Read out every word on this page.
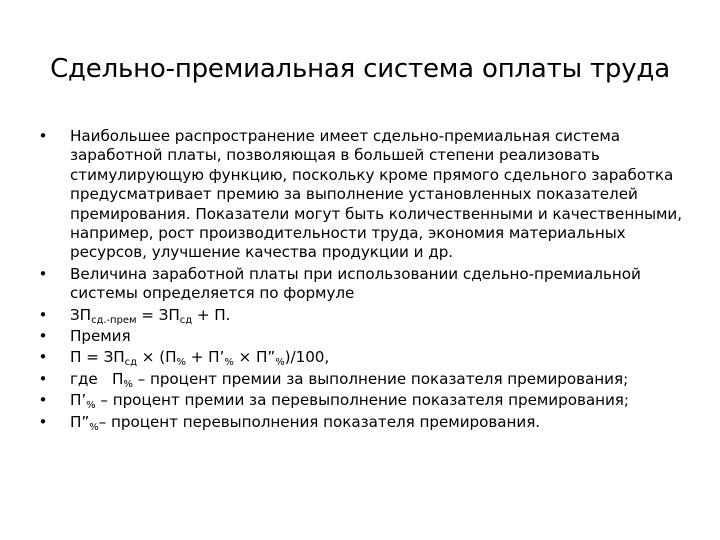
Сдельно-премиальная система оплаты труда
• Наибольшее распространение имеет сдельно-премиальная система заработной платы, позволяющая в большей степени реализовать стимулирующую функцию, поскольку кроме прямого сдельного заработка предусматривает премию за выполнение установленных показателей премирования. Показатели могут быть количественными и качественными, например, рост производительности труда, экономия материальных ресурсов, улучшение качества продукции и др.
• Величина заработной платы при использовании сдельно-премиальной системы определяется по формуле
• $ЗП_{сд.-прем} = ЗП_{сд} + П$.
• Премия
• $П = ЗП_{сд} \times (П_{\%}$ + $П’_{\%}$ × $П”_{\%})/100$,
• где   $П_{\%}$ – процент премии за выполнение показателя премирования;
• $П’_{\%}$ – процент премии за перевыполнение показателя премирования;
• $П”_{\%}-$ процент перевыполнения показателя премирования.
